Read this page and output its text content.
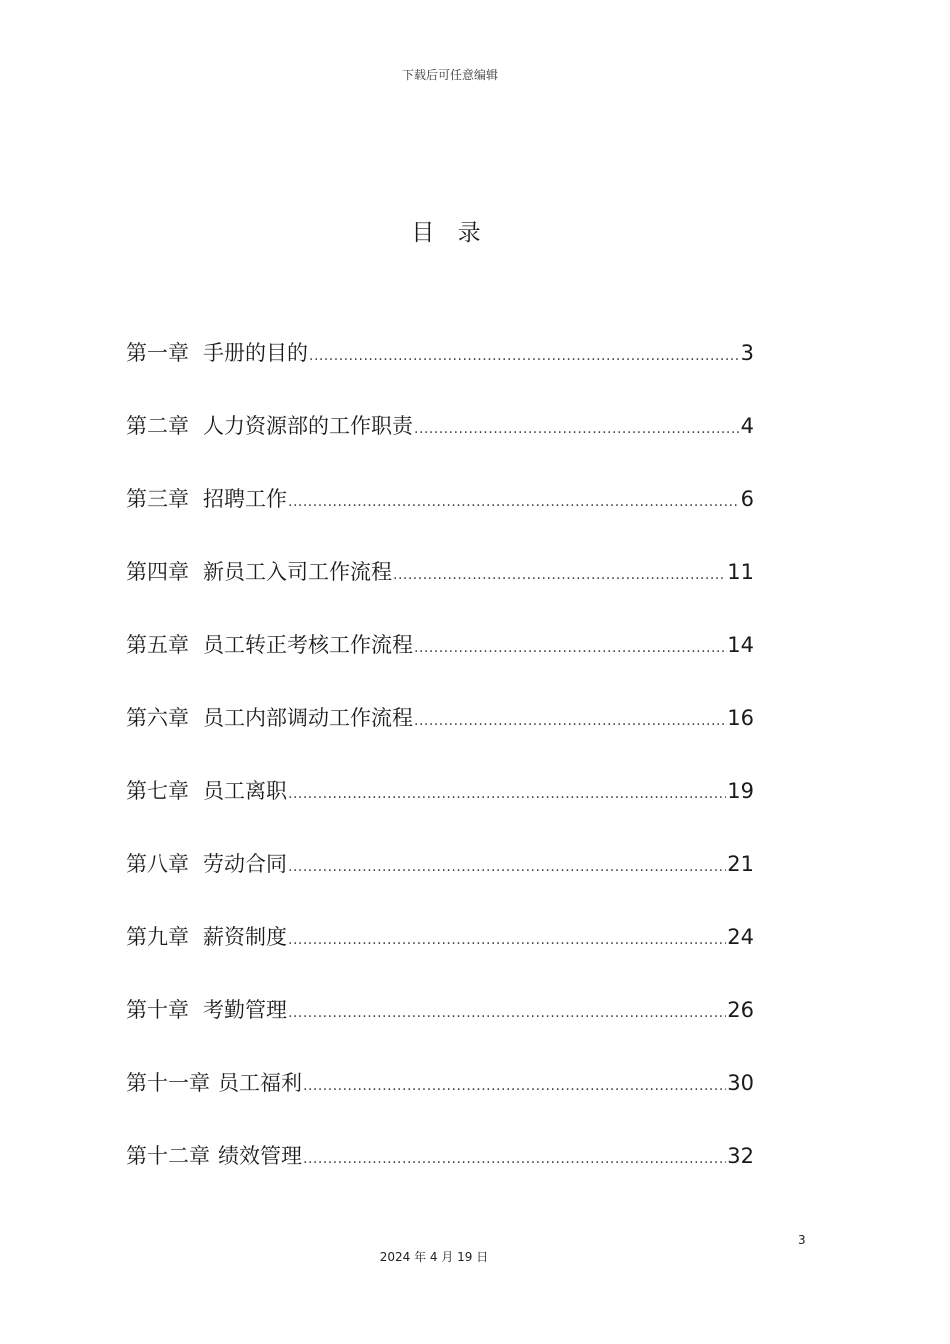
下载后可任意编辑
目 录
第一章 手册的目的 .....	3
第二章 人力资源部的工作职责 .....	4
第三章 招聘工作 .....	6
第四章 新员工入司工作流程 .....	11
第五章 员工转正考核工作流程 .....	14
第六章 员工内部调动工作流程 .....	16
第七章 员工离职 .....	19
第八章 劳动合同 .....	21
第九章 薪资制度 .....	24
第十章 考勤管理 .....	26
第十一章 员工福利 .....	30
第十二章 绩效管理 .....	32
3
2024 年 4 月 19 日
